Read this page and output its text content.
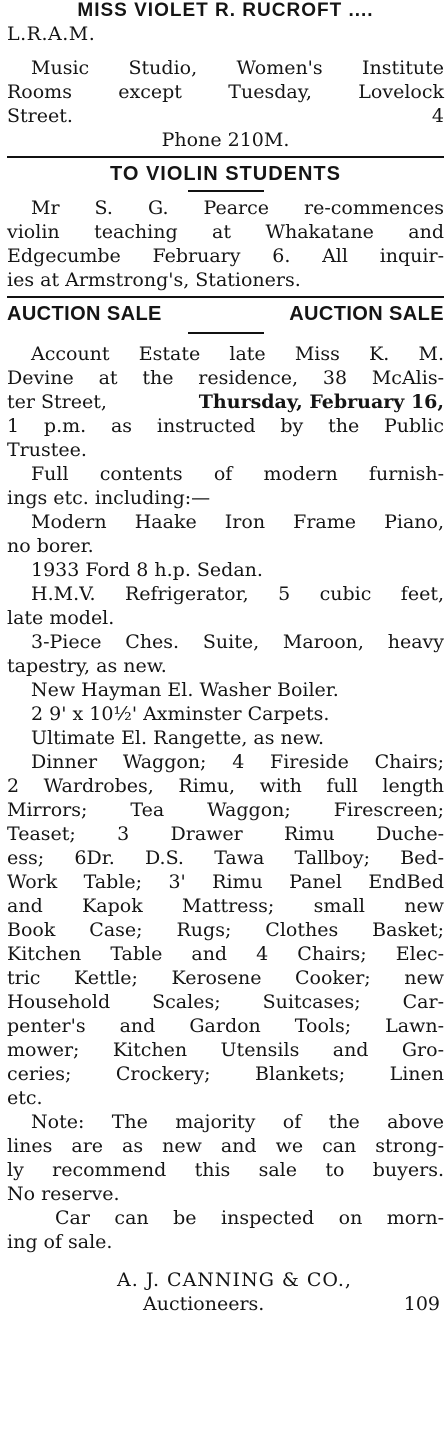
MISS VIOLET R. RUCROFT ....
L.R.A.M.
Music Studio, Women's Institute
Rooms except Tuesday, Lovelock
Street.	4
Phone 210M.
TO VIOLIN STUDENTS
Mr S. G. Pearce re-commences
violin teaching at Whakatane and
Edgecumbe February 6. All inquir-
ies at Armstrong's, Stationers.
AUCTION SALE	AUCTION SALE
Account Estate late Miss K. M.
Devine at the residence, 38 McAlis-
ter Street,	Thursday, February 16,
1 p.m. as instructed by the Public
Trustee.
Full contents of modern furnish-
ings etc. including:—
Modern Haake Iron Frame Piano,
no borer.
1933 Ford 8 h.p. Sedan.
H.M.V. Refrigerator, 5 cubic feet,
late model.
3-Piece Ches. Suite, Maroon, heavy
tapestry, as new.
New Hayman El. Washer Boiler.
2 9' x 10½' Axminster Carpets.
Ultimate El. Rangette, as new.
Dinner Waggon; 4 Fireside Chairs;
2 Wardrobes, Rimu, with full length
Mirrors; Tea Waggon; Firescreen;
Teaset; 3 Drawer Rimu Duche-
ess; 6Dr. D.S. Tawa Tallboy; Bed-
Work Table; 3' Rimu Panel EndBed
and Kapok Mattress; small new
Book Case; Rugs; Clothes Basket;
Kitchen Table and 4 Chairs; Elec-
tric Kettle; Kerosene Cooker; new
Household Scales; Suitcases; Car-
penter's and Gardon Tools; Lawn-
mower; Kitchen Utensils and Gro-
ceries; Crockery; Blankets; Linen
etc.
Note: The majority of the above
lines are as new and we can strong-
ly recommend this sale to buyers.
No reserve.
Car can be inspected on morn-
ing of sale.
A. J. CANNING & CO.,
Auctioneers.	109
